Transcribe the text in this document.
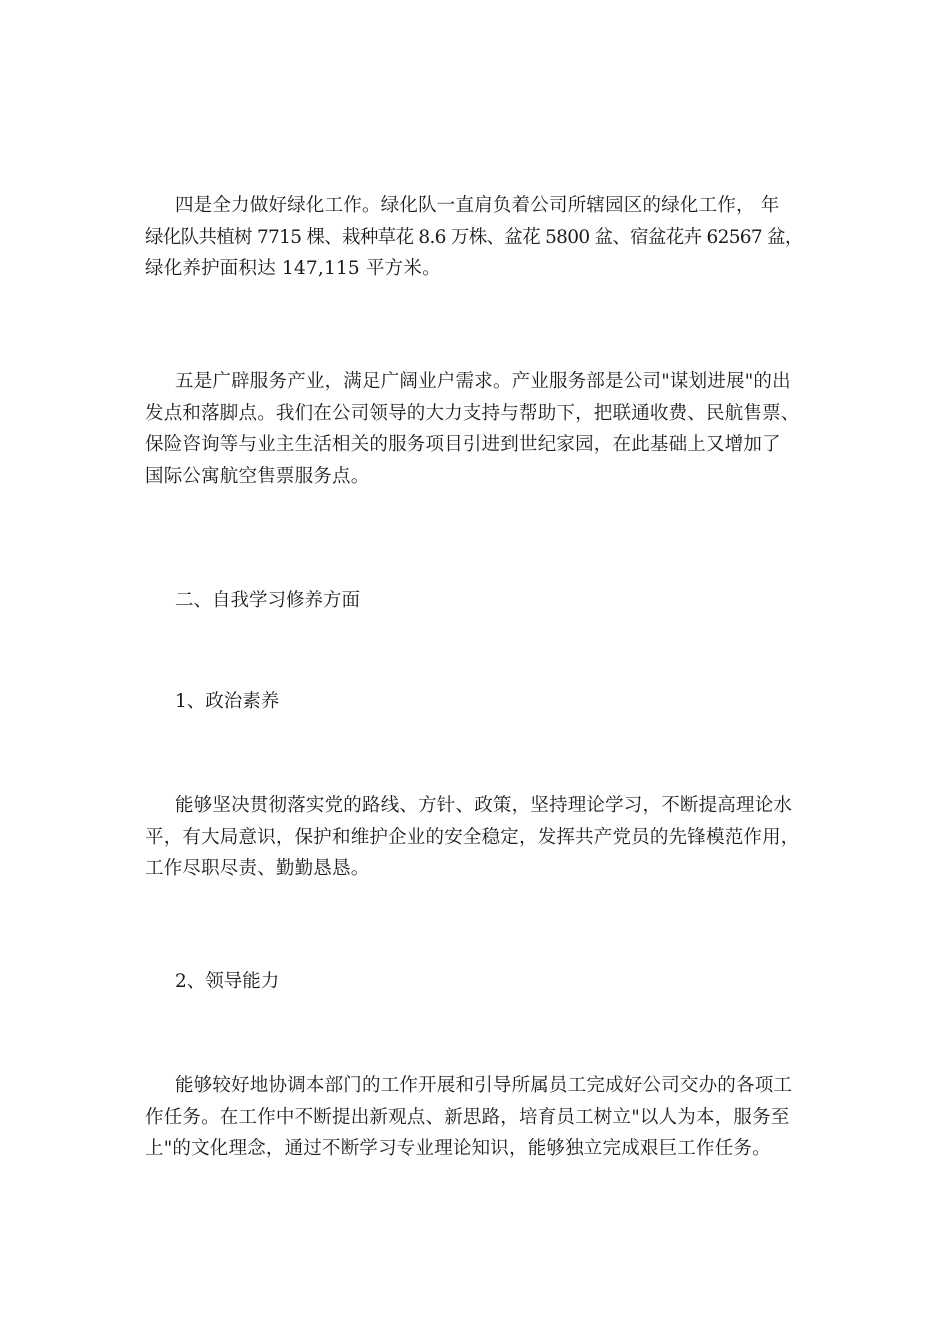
四是全力做好绿化工作。绿化队一直肩负着公司所辖园区的绿化工作， 年
绿化队共植树 7715 棵、栽种草花 8.6 万株、盆花 5800 盆、宿盆花卉 62567 盆，
绿化养护面积达 147,115 平方米。
五是广辟服务产业，满足广阔业户需求。产业服务部是公司"谋划进展"的出
发点和落脚点。我们在公司领导的大力支持与帮助下，把联通收费、民航售票、
保险咨询等与业主生活相关的服务项目引进到世纪家园，在此基础上又增加了
国际公寓航空售票服务点。
二、自我学习修养方面
1、政治素养
能够坚决贯彻落实党的路线、方针、政策，坚持理论学习，不断提高理论水
平，有大局意识，保护和维护企业的安全稳定，发挥共产党员的先锋模范作用，
工作尽职尽责、勤勤恳恳。
2、领导能力
能够较好地协调本部门的工作开展和引导所属员工完成好公司交办的各项工
作任务。在工作中不断提出新观点、新思路，培育员工树立"以人为本，服务至
上"的文化理念，通过不断学习专业理论知识，能够独立完成艰巨工作任务。
